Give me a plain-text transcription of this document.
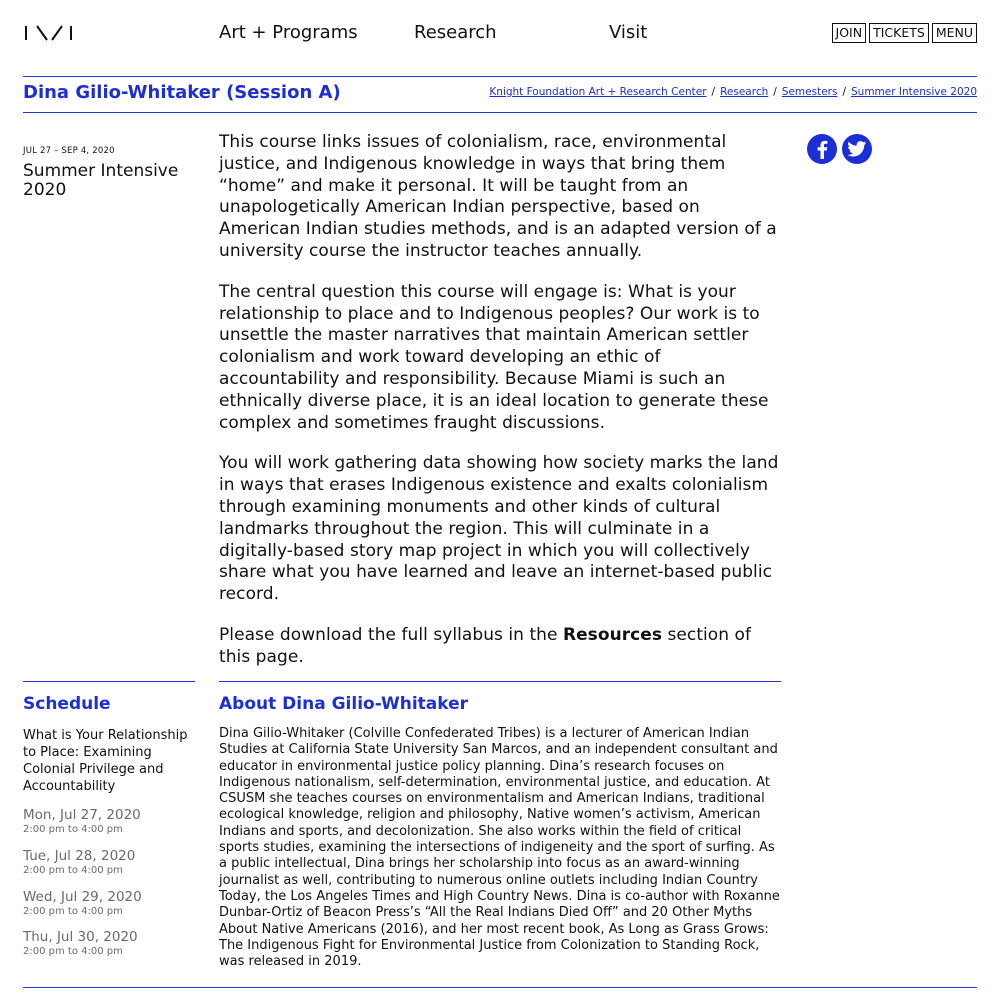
Art + Programs	Research	Visit	JOIN TICKETS MENU
Dina Gilio-Whitaker (Session A)	Knight Foundation Art + Research Center / Research / Semesters / Summer Intensive 2020
JUL 27 – SEP 4, 2020
Summer Intensive 2020

This course links issues of colonialism, race, environmental justice, and Indigenous knowledge in ways that bring them “home” and make it personal. It will be taught from an unapologetically American Indian perspective, based on American Indian studies methods, and is an adapted version of a university course the instructor teaches annually.

The central question this course will engage is: What is your relationship to place and to Indigenous peoples? Our work is to unsettle the master narratives that maintain American settler colonialism and work toward developing an ethic of accountability and responsibility. Because Miami is such an ethnically diverse place, it is an ideal location to generate these complex and sometimes fraught discussions.

You will work gathering data showing how society marks the land in ways that erases Indigenous existence and exalts colonialism through examining monuments and other kinds of cultural landmarks throughout the region. This will culminate in a digitally-based story map project in which you will collectively share what you have learned and leave an internet-based public record.

Please download the full syllabus in the Resources section of this page.

Schedule
What is Your Relationship to Place: Examining Colonial Privilege and Accountability
Mon, Jul 27, 2020
2:00 pm to 4:00 pm
Tue, Jul 28, 2020
2:00 pm to 4:00 pm
Wed, Jul 29, 2020
2:00 pm to 4:00 pm
Thu, Jul 30, 2020
2:00 pm to 4:00 pm
About Dina Gilio-Whitaker
Dina Gilio-Whitaker (Colville Confederated Tribes) is a lecturer of American Indian Studies at California State University San Marcos, and an independent consultant and educator in environmental justice policy planning. Dina’s research focuses on Indigenous nationalism, self-determination, environmental justice, and education. At CSUSM she teaches courses on environmentalism and American Indians, traditional ecological knowledge, religion and philosophy, Native women’s activism, American Indians and sports, and decolonization. She also works within the field of critical sports studies, examining the intersections of indigeneity and the sport of surfing. As a public intellectual, Dina brings her scholarship into focus as an award-winning journalist as well, contributing to numerous online outlets including Indian Country Today, the Los Angeles Times and High Country News. Dina is co-author with Roxanne Dunbar-Ortiz of Beacon Press’s “All the Real Indians Died Off” and 20 Other Myths About Native Americans (2016), and her most recent book, As Long as Grass Grows: The Indigenous Fight for Environmental Justice from Colonization to Standing Rock, was released in 2019.
